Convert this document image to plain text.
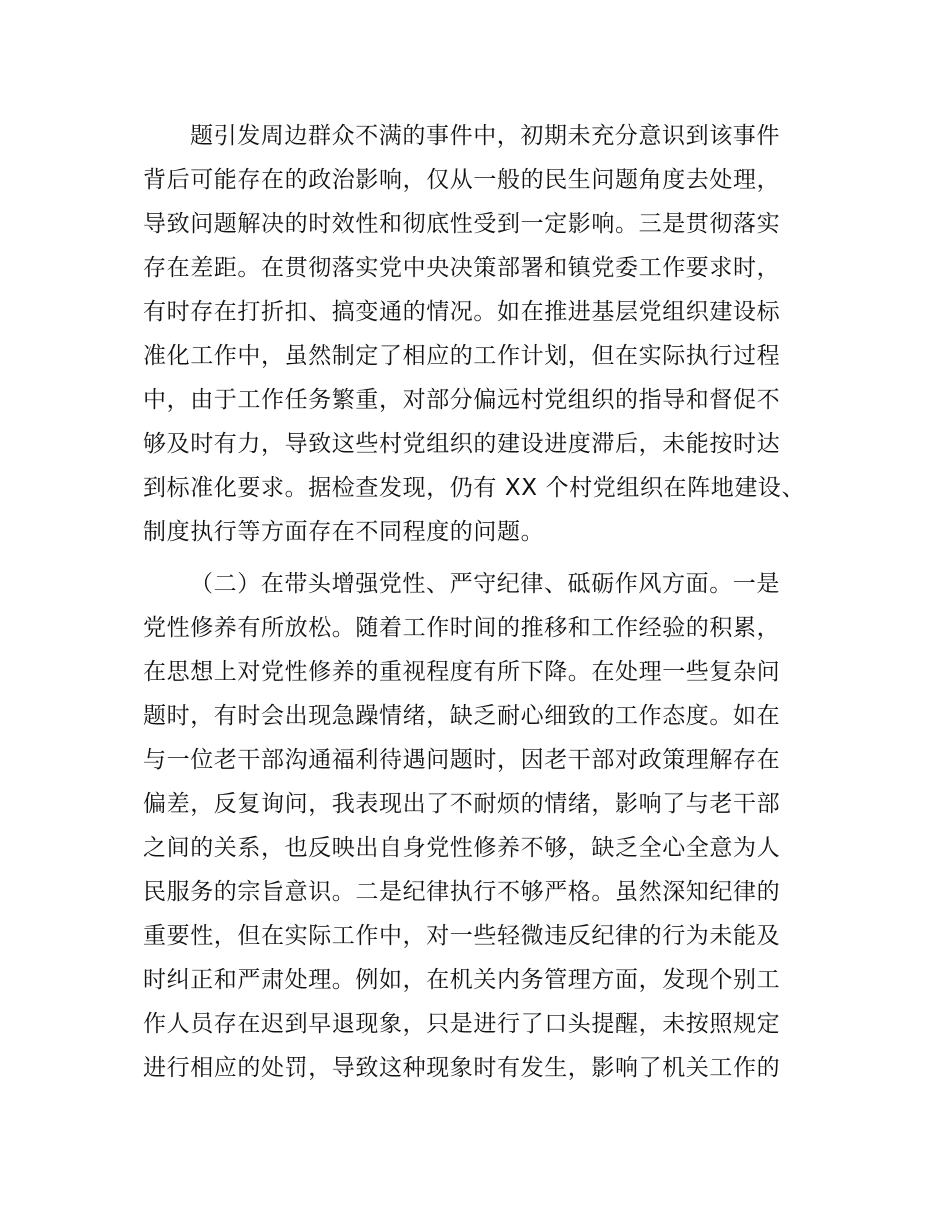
题引发周边群众不满的事件中，初期未充分意识到该事件
背后可能存在的政治影响，仅从一般的民生问题角度去处理，
导致问题解决的时效性和彻底性受到一定影响。三是贯彻落实
存在差距。在贯彻落实党中央决策部署和镇党委工作要求时，
有时存在打折扣、搞变通的情况。如在推进基层党组织建设标
准化工作中，虽然制定了相应的工作计划，但在实际执行过程
中，由于工作任务繁重，对部分偏远村党组织的指导和督促不
够及时有力，导致这些村党组织的建设进度滞后，未能按时达
到标准化要求。据检查发现，仍有 XX 个村党组织在阵地建设、
制度执行等方面存在不同程度的问题。
（二）在带头增强党性、严守纪律、砥砺作风方面。一是
党性修养有所放松。随着工作时间的推移和工作经验的积累，
在思想上对党性修养的重视程度有所下降。在处理一些复杂问
题时，有时会出现急躁情绪，缺乏耐心细致的工作态度。如在
与一位老干部沟通福利待遇问题时，因老干部对政策理解存在
偏差，反复询问，我表现出了不耐烦的情绪，影响了与老干部
之间的关系，也反映出自身党性修养不够，缺乏全心全意为人
民服务的宗旨意识。二是纪律执行不够严格。虽然深知纪律的
重要性，但在实际工作中，对一些轻微违反纪律的行为未能及
时纠正和严肃处理。例如，在机关内务管理方面，发现个别工
作人员存在迟到早退现象，只是进行了口头提醒，未按照规定
进行相应的处罚，导致这种现象时有发生，影响了机关工作的
